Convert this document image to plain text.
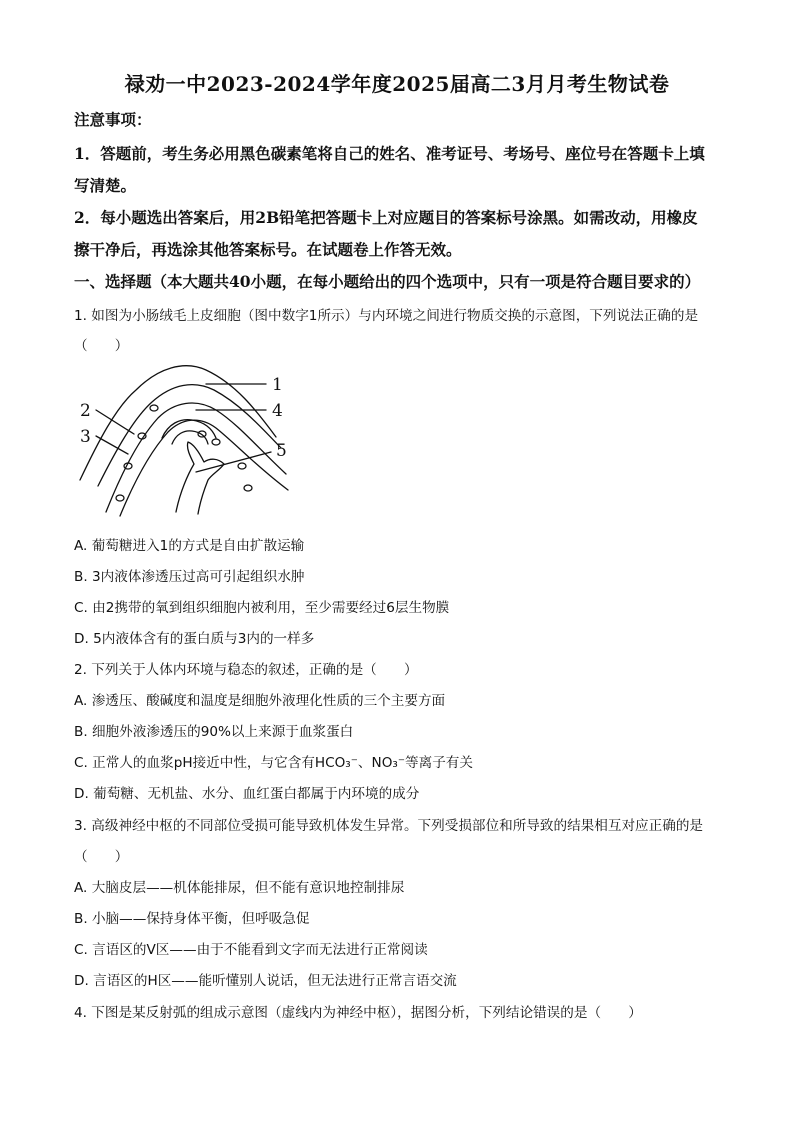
禄劝一中2023-2024学年度2025届高二3月月考生物试卷
注意事项：
1．答题前，考生务必用黑色碳素笔将自己的姓名、准考证号、考场号、座位号在答题卡上填
写清楚。
2．每小题选出答案后，用2B铅笔把答题卡上对应题目的答案标号涂黑。如需改动，用橡皮
擦干净后，再选涂其他答案标号。在试题卷上作答无效。
一、选择题（本大题共40小题，在每小题给出的四个选项中，只有一项是符合题目要求的）
1. 如图为小肠绒毛上皮细胞（图中数字1所示）与内环境之间进行物质交换的示意图，下列说法正确的是
（　　）
1
2
3
4
5
A. 葡萄糖进入1的方式是自由扩散运输
B. 3内液体渗透压过高可引起组织水肿
C. 由2携带的氧到组织细胞内被利用，至少需要经过6层生物膜
D. 5内液体含有的蛋白质与3内的一样多
2. 下列关于人体内环境与稳态的叙述，正确的是（　　）
A. 渗透压、酸碱度和温度是细胞外液理化性质的三个主要方面
B. 细胞外液渗透压的90%以上来源于血浆蛋白
C. 正常人的血浆pH接近中性，与它含有HCO₃⁻、NO₃⁻等离子有关
D. 葡萄糖、无机盐、水分、血红蛋白都属于内环境的成分
3. 高级神经中枢的不同部位受损可能导致机体发生异常。下列受损部位和所导致的结果相互对应正确的是
（　　）
A. 大脑皮层——机体能排尿，但不能有意识地控制排尿
B. 小脑——保持身体平衡，但呼吸急促
C. 言语区的V区——由于不能看到文字而无法进行正常阅读
D. 言语区的H区——能听懂别人说话，但无法进行正常言语交流
4. 下图是某反射弧的组成示意图（虚线内为神经中枢），据图分析，下列结论错误的是（　　）
